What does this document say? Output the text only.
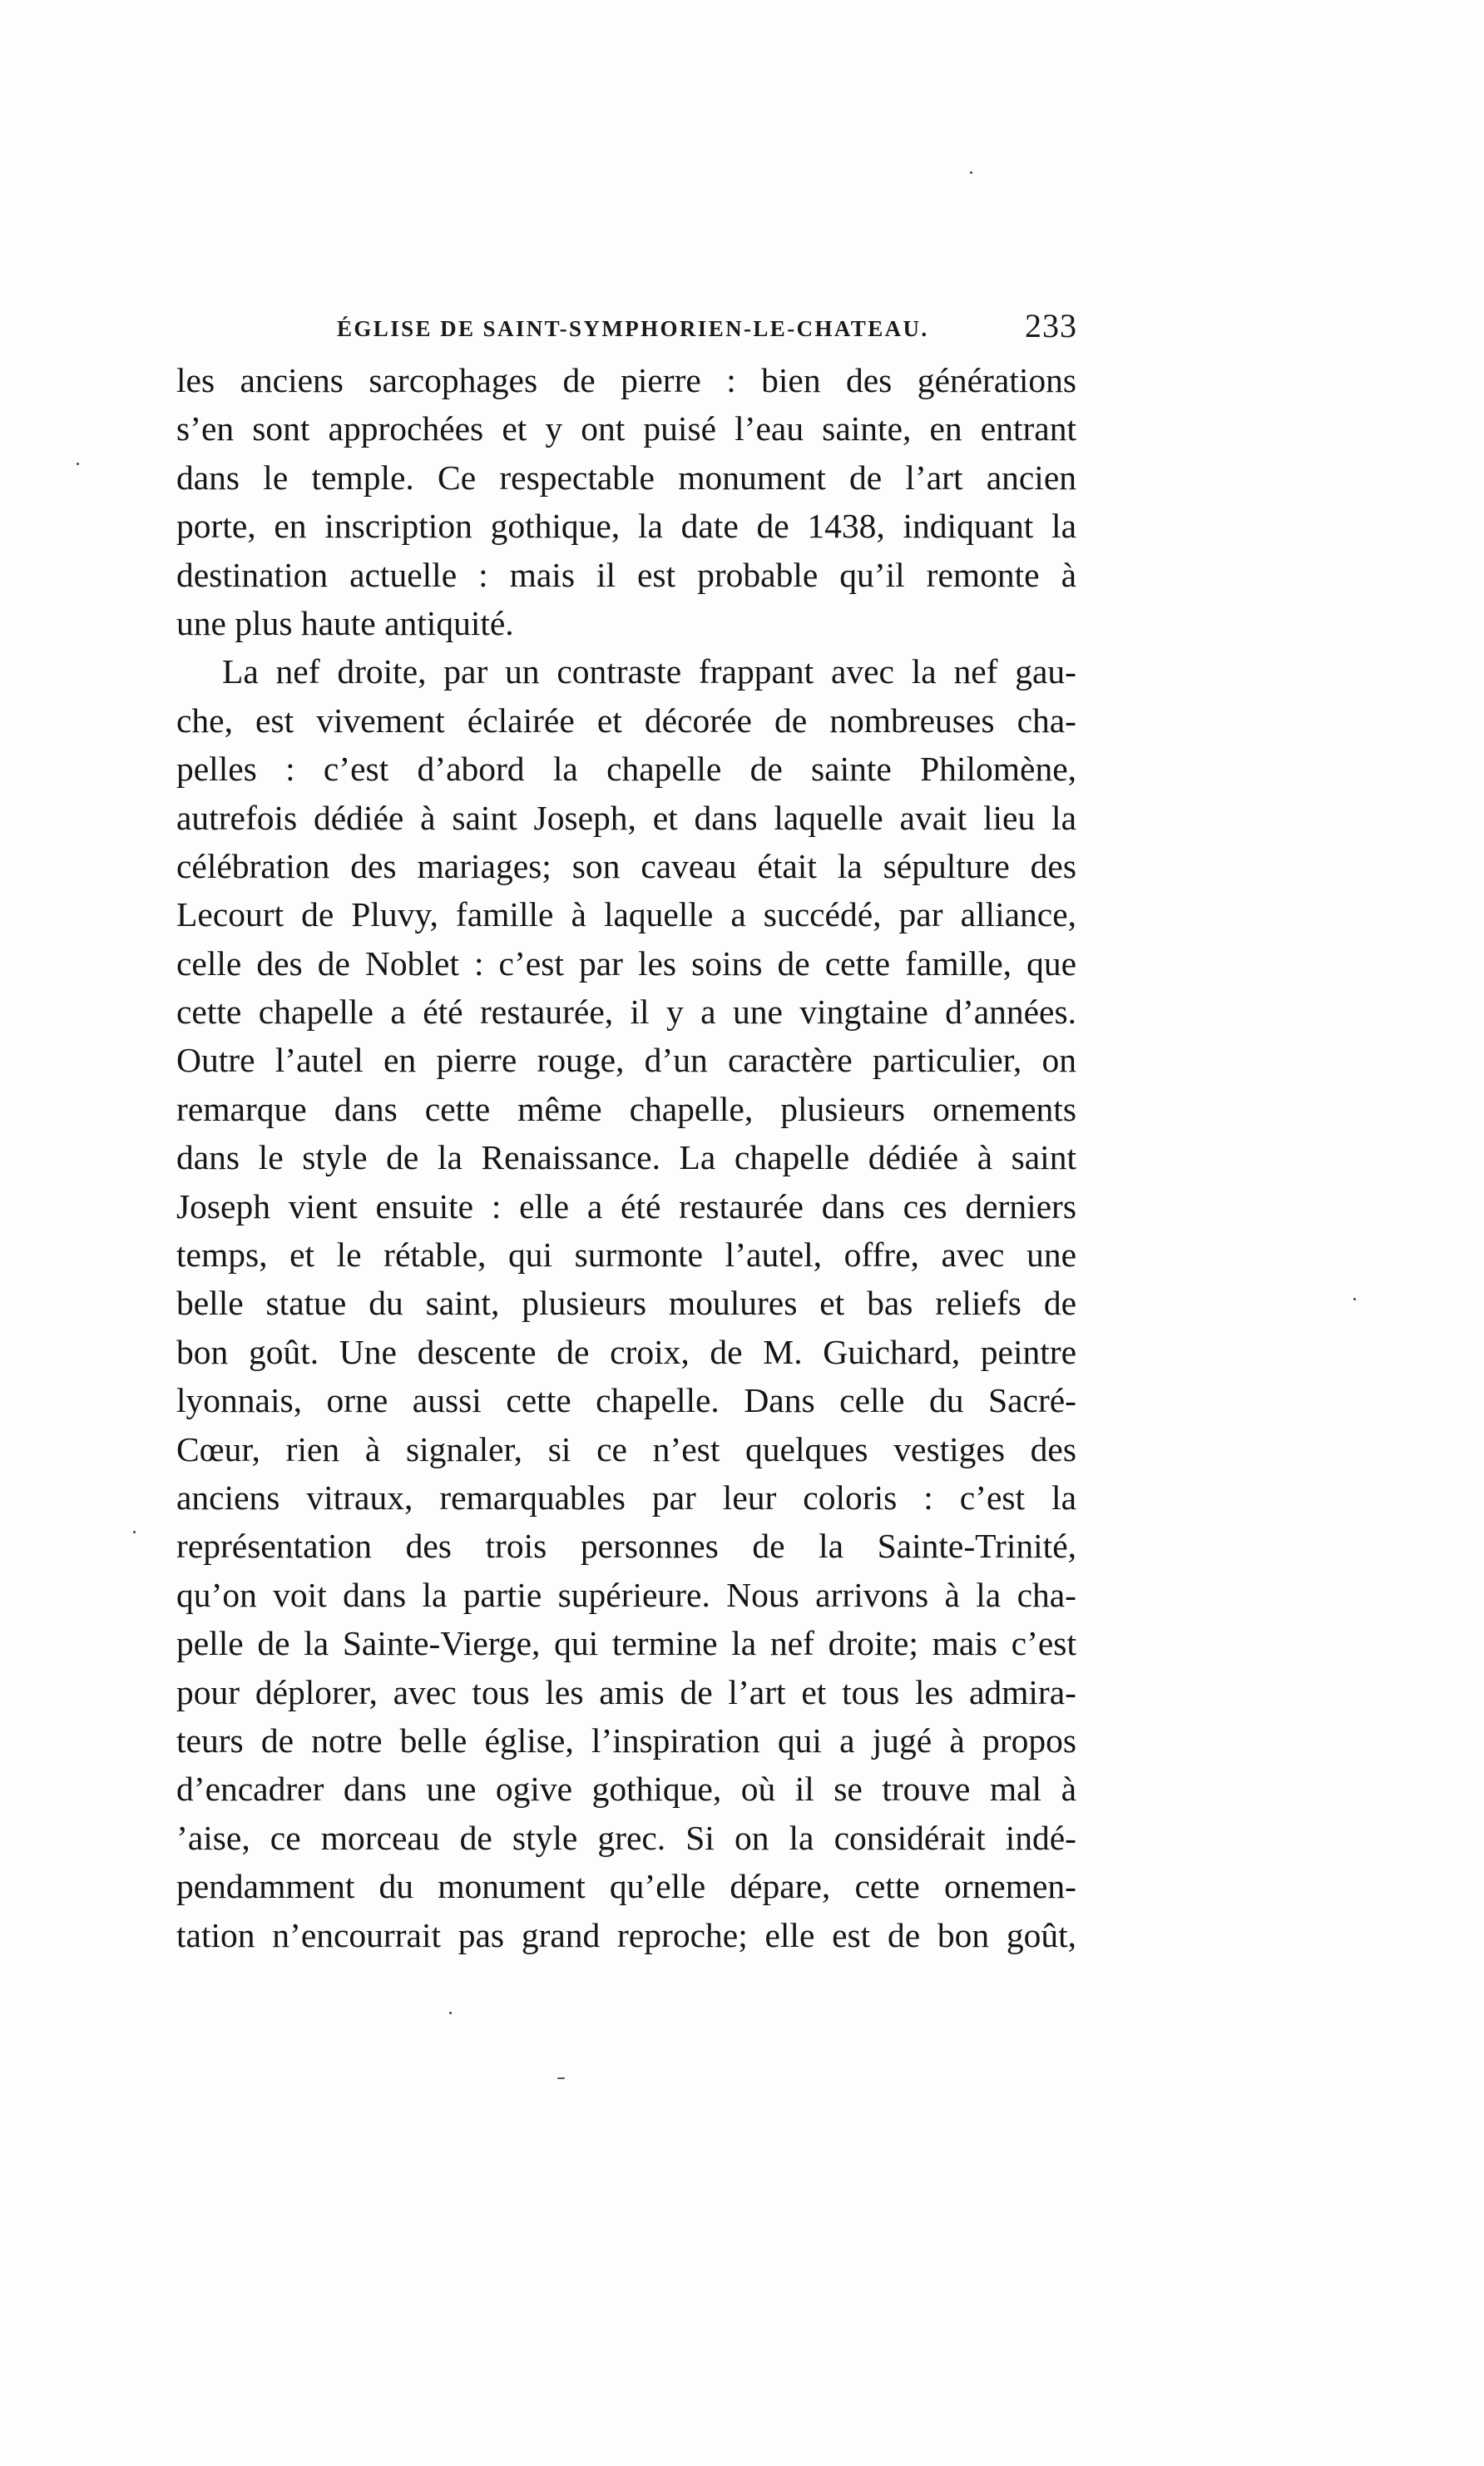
ÉGLISE DE SAINT-SYMPHORIEN-LE-CHATEAU.	233
les anciens sarcophages de pierre : bien des générations
s’en sont approchées et y ont puisé l’eau sainte, en entrant
dans le temple. Ce respectable monument de l’art ancien
porte, en inscription gothique, la date de 1438, indiquant la
destination actuelle : mais il est probable qu’il remonte à
une plus haute antiquité.
La nef droite, par un contraste frappant avec la nef gau-
che, est vivement éclairée et décorée de nombreuses cha-
pelles : c’est d’abord la chapelle de sainte Philomène,
autrefois dédiée à saint Joseph, et dans laquelle avait lieu la
célébration des mariages; son caveau était la sépulture des
Lecourt de Pluvy, famille à laquelle a succédé, par alliance,
celle des de Noblet : c’est par les soins de cette famille, que
cette chapelle a été restaurée, il y a une vingtaine d’années.
Outre l’autel en pierre rouge, d’un caractère particulier, on
remarque dans cette même chapelle, plusieurs ornements
dans le style de la Renaissance. La chapelle dédiée à saint
Joseph vient ensuite : elle a été restaurée dans ces derniers
temps, et le rétable, qui surmonte l’autel, offre, avec une
belle statue du saint, plusieurs moulures et bas reliefs de
bon goût. Une descente de croix, de M. Guichard, peintre
lyonnais, orne aussi cette chapelle. Dans celle du Sacré-
Cœur, rien à signaler, si ce n’est quelques vestiges des
anciens vitraux, remarquables par leur coloris : c’est la
représentation des trois personnes de la Sainte-Trinité,
qu’on voit dans la partie supérieure. Nous arrivons à la cha-
pelle de la Sainte-Vierge, qui termine la nef droite; mais c’est
pour déplorer, avec tous les amis de l’art et tous les admira-
teurs de notre belle église, l’inspiration qui a jugé à propos
d’encadrer dans une ogive gothique, où il se trouve mal à
’aise, ce morceau de style grec. Si on la considérait indé-
pendamment du monument qu’elle dépare, cette ornemen-
tation n’encourrait pas grand reproche; elle est de bon goût,
